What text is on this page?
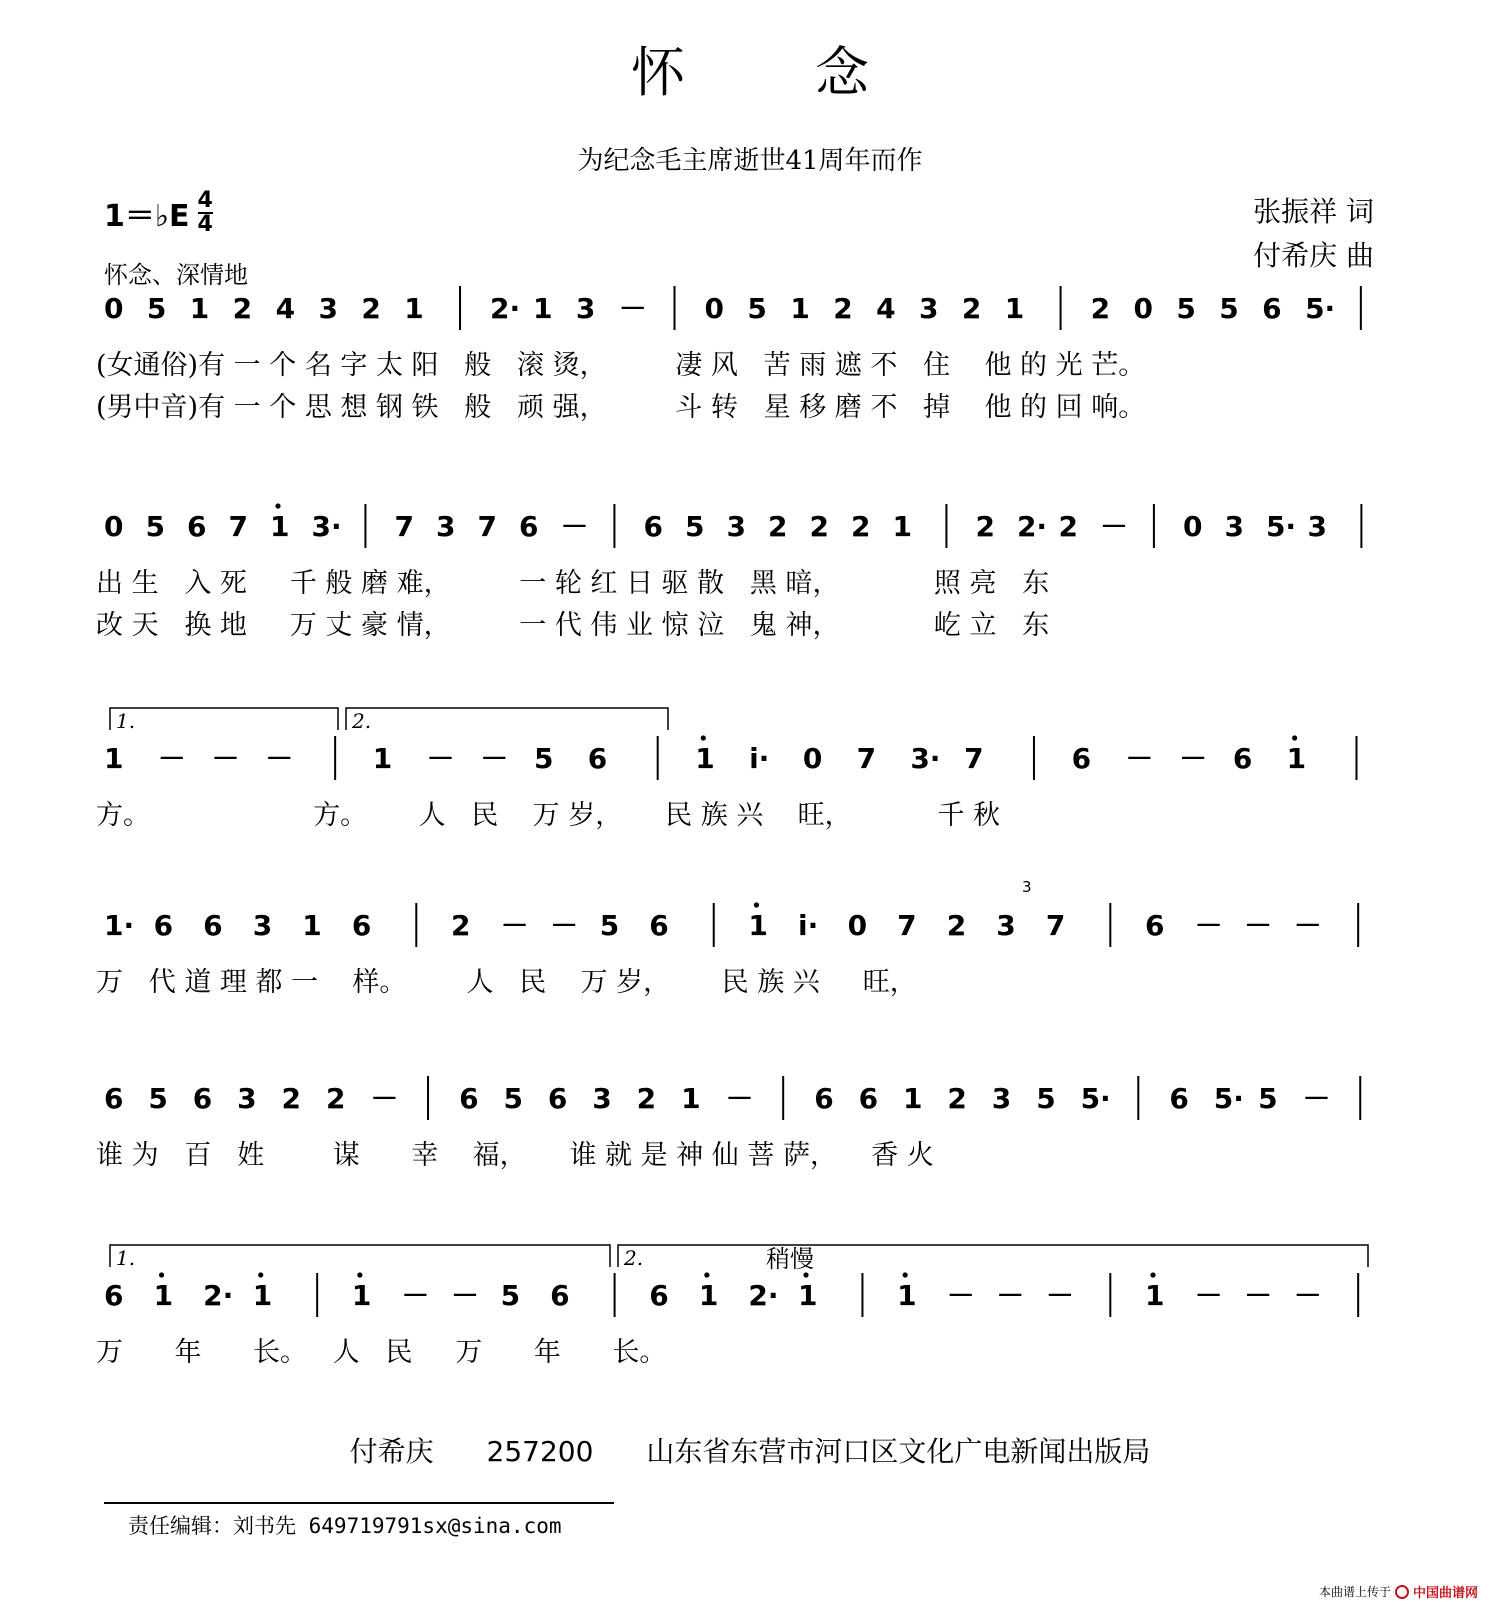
怀念
为纪念毛主席逝世41周年而作
1＝♭E $\frac{4}{4}$
怀念、深情地
张振祥 词
付希庆 曲
0 5 1 2 4 3 2 1 2· 1 3 － 0 5 1 2 4 3 2 1 2 0 5 5 6 5·
(女通俗)有 一 个 名 字 太 阳   般   滚 烫，        凄 风   苦 雨 遮 不   住    他 的 光 芒。
(男中音)有 一 个 思 想 钢 铁   般   顽 强，        斗 转   星 移 磨 不   掉    他 的 回 响。
0 5 6 7 1 3· 7 3 7 6 － 6 5 3 2 2 2 1 2 2· 2 － 0 3 5· 3
出 生   入 死     千 般 磨 难，        一 轮 红 日 驱 散   黑 暗，           照 亮   东
改 天   换 地     万 丈 豪 情，        一 代 伟 业 惊 泣   鬼 神，           屹 立   东
1 － － －	1 － － 5 6	1 i· 0 7 3· 7	6 － － 6 1
1.	2.
方。                   方。      人   民    万 岁，     民 族 兴    旺，          千 秋
1· 6 6 3 1 6	2 － － 5 6	1 i· 0 7 2 3 7	6 － － －
3
万   代 道 理 都 一    样。       人   民    万 岁，      民 族 兴     旺，
6 5 6 3 2 2 － 6 5 6 3 2 1 － 6 6 1 2 3 5 5· 6 5· 5 －
谁 为   百   姓        谋      幸    福，     谁 就 是 神 仙 菩 萨，    香 火
6 1 2· 1	1 － － 5 6	6 1 2· 1	1 － － －	1 － － －
1.	2.	稍慢
万      年      长。   人   民     万      年      长。
付希庆 257200 山东省东营市河口区文化广电新闻出版局
责任编辑：刘书先 649719791sx@sina.com
本曲谱上传于 中国曲谱网
